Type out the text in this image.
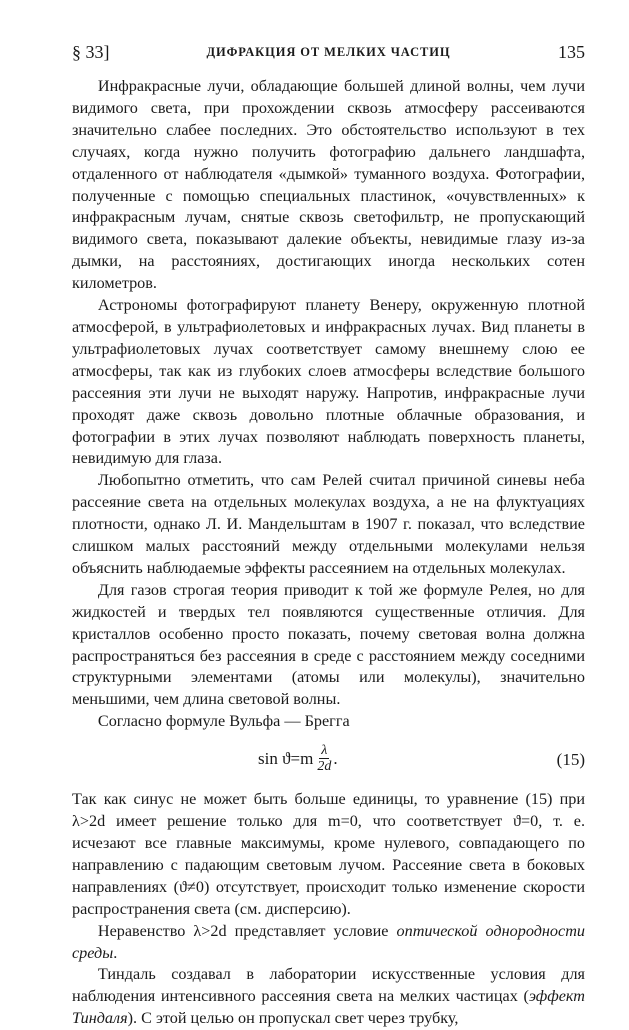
§ 33]	ДИФРАКЦИЯ ОТ МЕЛКИХ ЧАСТИЦ	135

Инфракрасные лучи, обладающие большей длиной волны, чем лучи видимого света, при прохождении сквозь атмосферу рассеиваются значительно слабее последних. Это обстоятельство используют в тех случаях, когда нужно получить фотографию дальнего ландшафта, отдаленного от наблюдателя «дымкой» туманного воздуха. Фотографии, полученные с помощью специальных пластинок, «очувствленных» к инфракрасным лучам, снятые сквозь светофильтр, не пропускающий видимого света, показывают далекие объекты, невидимые глазу из-за дымки, на расстояниях, достигающих иногда нескольких сотен километров.

Астрономы фотографируют планету Венеру, окруженную плотной атмосферой, в ультрафиолетовых и инфракрасных лучах. Вид планеты в ультрафиолетовых лучах соответствует самому внешнему слою ее атмосферы, так как из глубоких слоев атмосферы вследствие большого рассеяния эти лучи не выходят наружу. Напротив, инфракрасные лучи проходят даже сквозь довольно плотные облачные образования, и фотографии в этих лучах позволяют наблюдать поверхность планеты, невидимую для глаза.

Любопытно отметить, что сам Релей считал причиной синевы неба рассеяние света на отдельных молекулах воздуха, а не на флуктуациях плотности, однако Л. И. Мандельштам в 1907 г. показал, что вследствие слишком малых расстояний между отдельными молекулами нельзя объяснить наблюдаемые эффекты рассеянием на отдельных молекулах.

Для газов строгая теория приводит к той же формуле Релея, но для жидкостей и твердых тел появляются существенные отличия. Для кристаллов особенно просто показать, почему световая волна должна распространяться без рассеяния в среде с расстоянием между соседними структурными элементами (атомы или молекулы), значительно меньшими, чем длина световой волны.

Согласно формуле Вульфа — Брегга

$\sin ϑ=m \frac{\lambda}{2d}$ .	(15)

Так как синус не может быть больше единицы, то уравнение (15) при λ>2d имеет решение только для m=0, что соответствует ϑ=0, т. е. исчезают все главные максимумы, кроме нулевого, совпадающего по направлению с падающим световым лучом. Рассеяние света в боковых направлениях (ϑ≠0) отсутствует, происходит только изменение скорости распространения света (см. дисперсию).

Неравенство λ>2d представляет условие оптической однородности среды.

Тиндаль создавал в лаборатории искусственные условия для наблюдения интенсивного рассеяния света на мелких частицах (эффект Тиндаля). С этой целью он пропускал свет через трубку,
